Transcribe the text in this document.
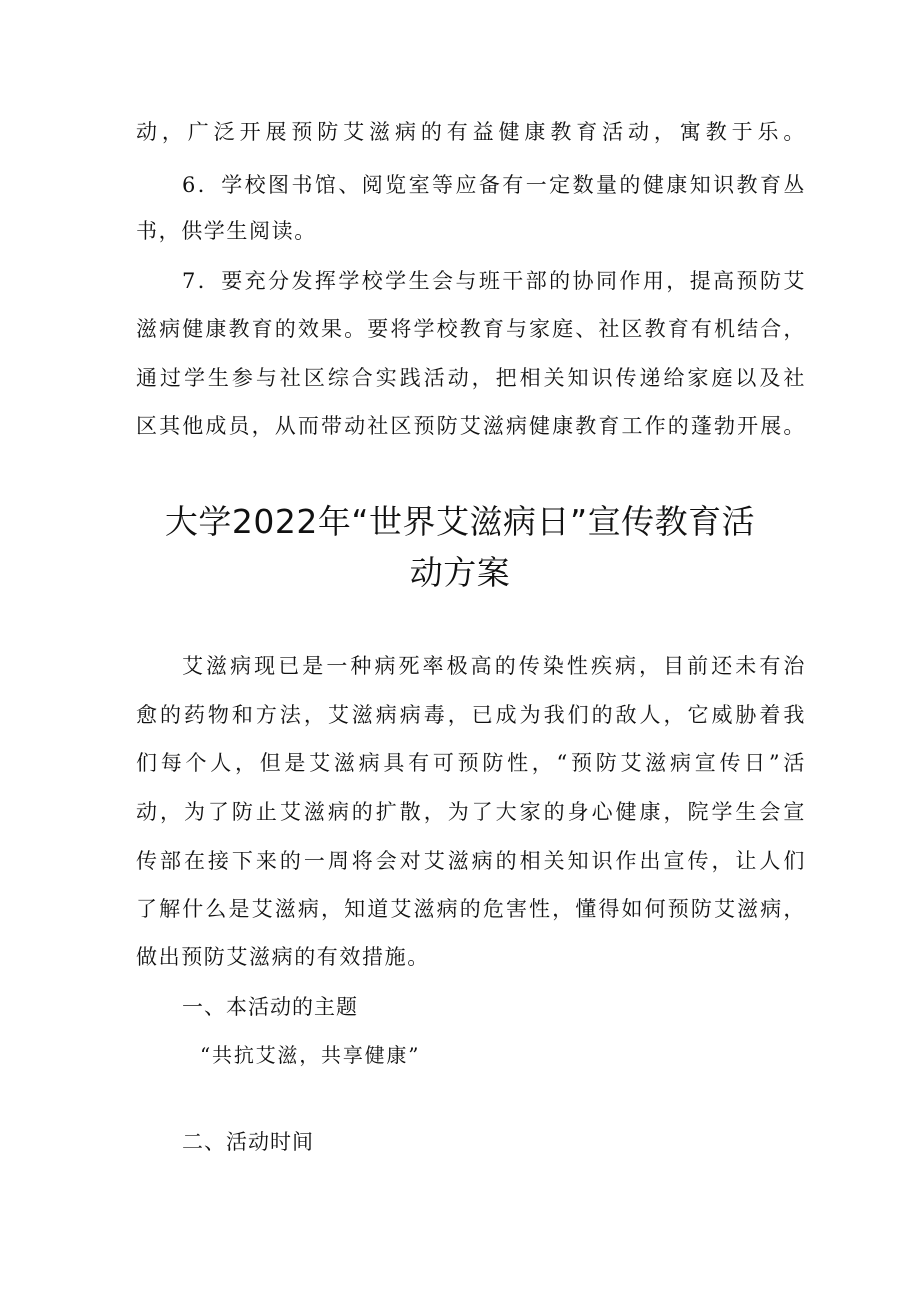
动，广泛开展预防艾滋病的有益健康教育活动，寓教于乐。
6．学校图书馆、阅览室等应备有一定数量的健康知识教育丛
书，供学生阅读。
7．要充分发挥学校学生会与班干部的协同作用，提高预防艾
滋病健康教育的效果。要将学校教育与家庭、社区教育有机结合，
通过学生参与社区综合实践活动，把相关知识传递给家庭以及社
区其他成员，从而带动社区预防艾滋病健康教育工作的蓬勃开展。
大学2022年“世界艾滋病日”宣传教育活
动方案
艾滋病现已是一种病死率极高的传染性疾病，目前还未有治
愈的药物和方法，艾滋病病毒，已成为我们的敌人，它威胁着我
们每个人，但是艾滋病具有可预防性，“预防艾滋病宣传日”活
动，为了防止艾滋病的扩散，为了大家的身心健康，院学生会宣
传部在接下来的一周将会对艾滋病的相关知识作出宣传，让人们
了解什么是艾滋病，知道艾滋病的危害性，懂得如何预防艾滋病，
做出预防艾滋病的有效措施。
一、本活动的主题
“共抗艾滋，共享健康”
二、活动时间
